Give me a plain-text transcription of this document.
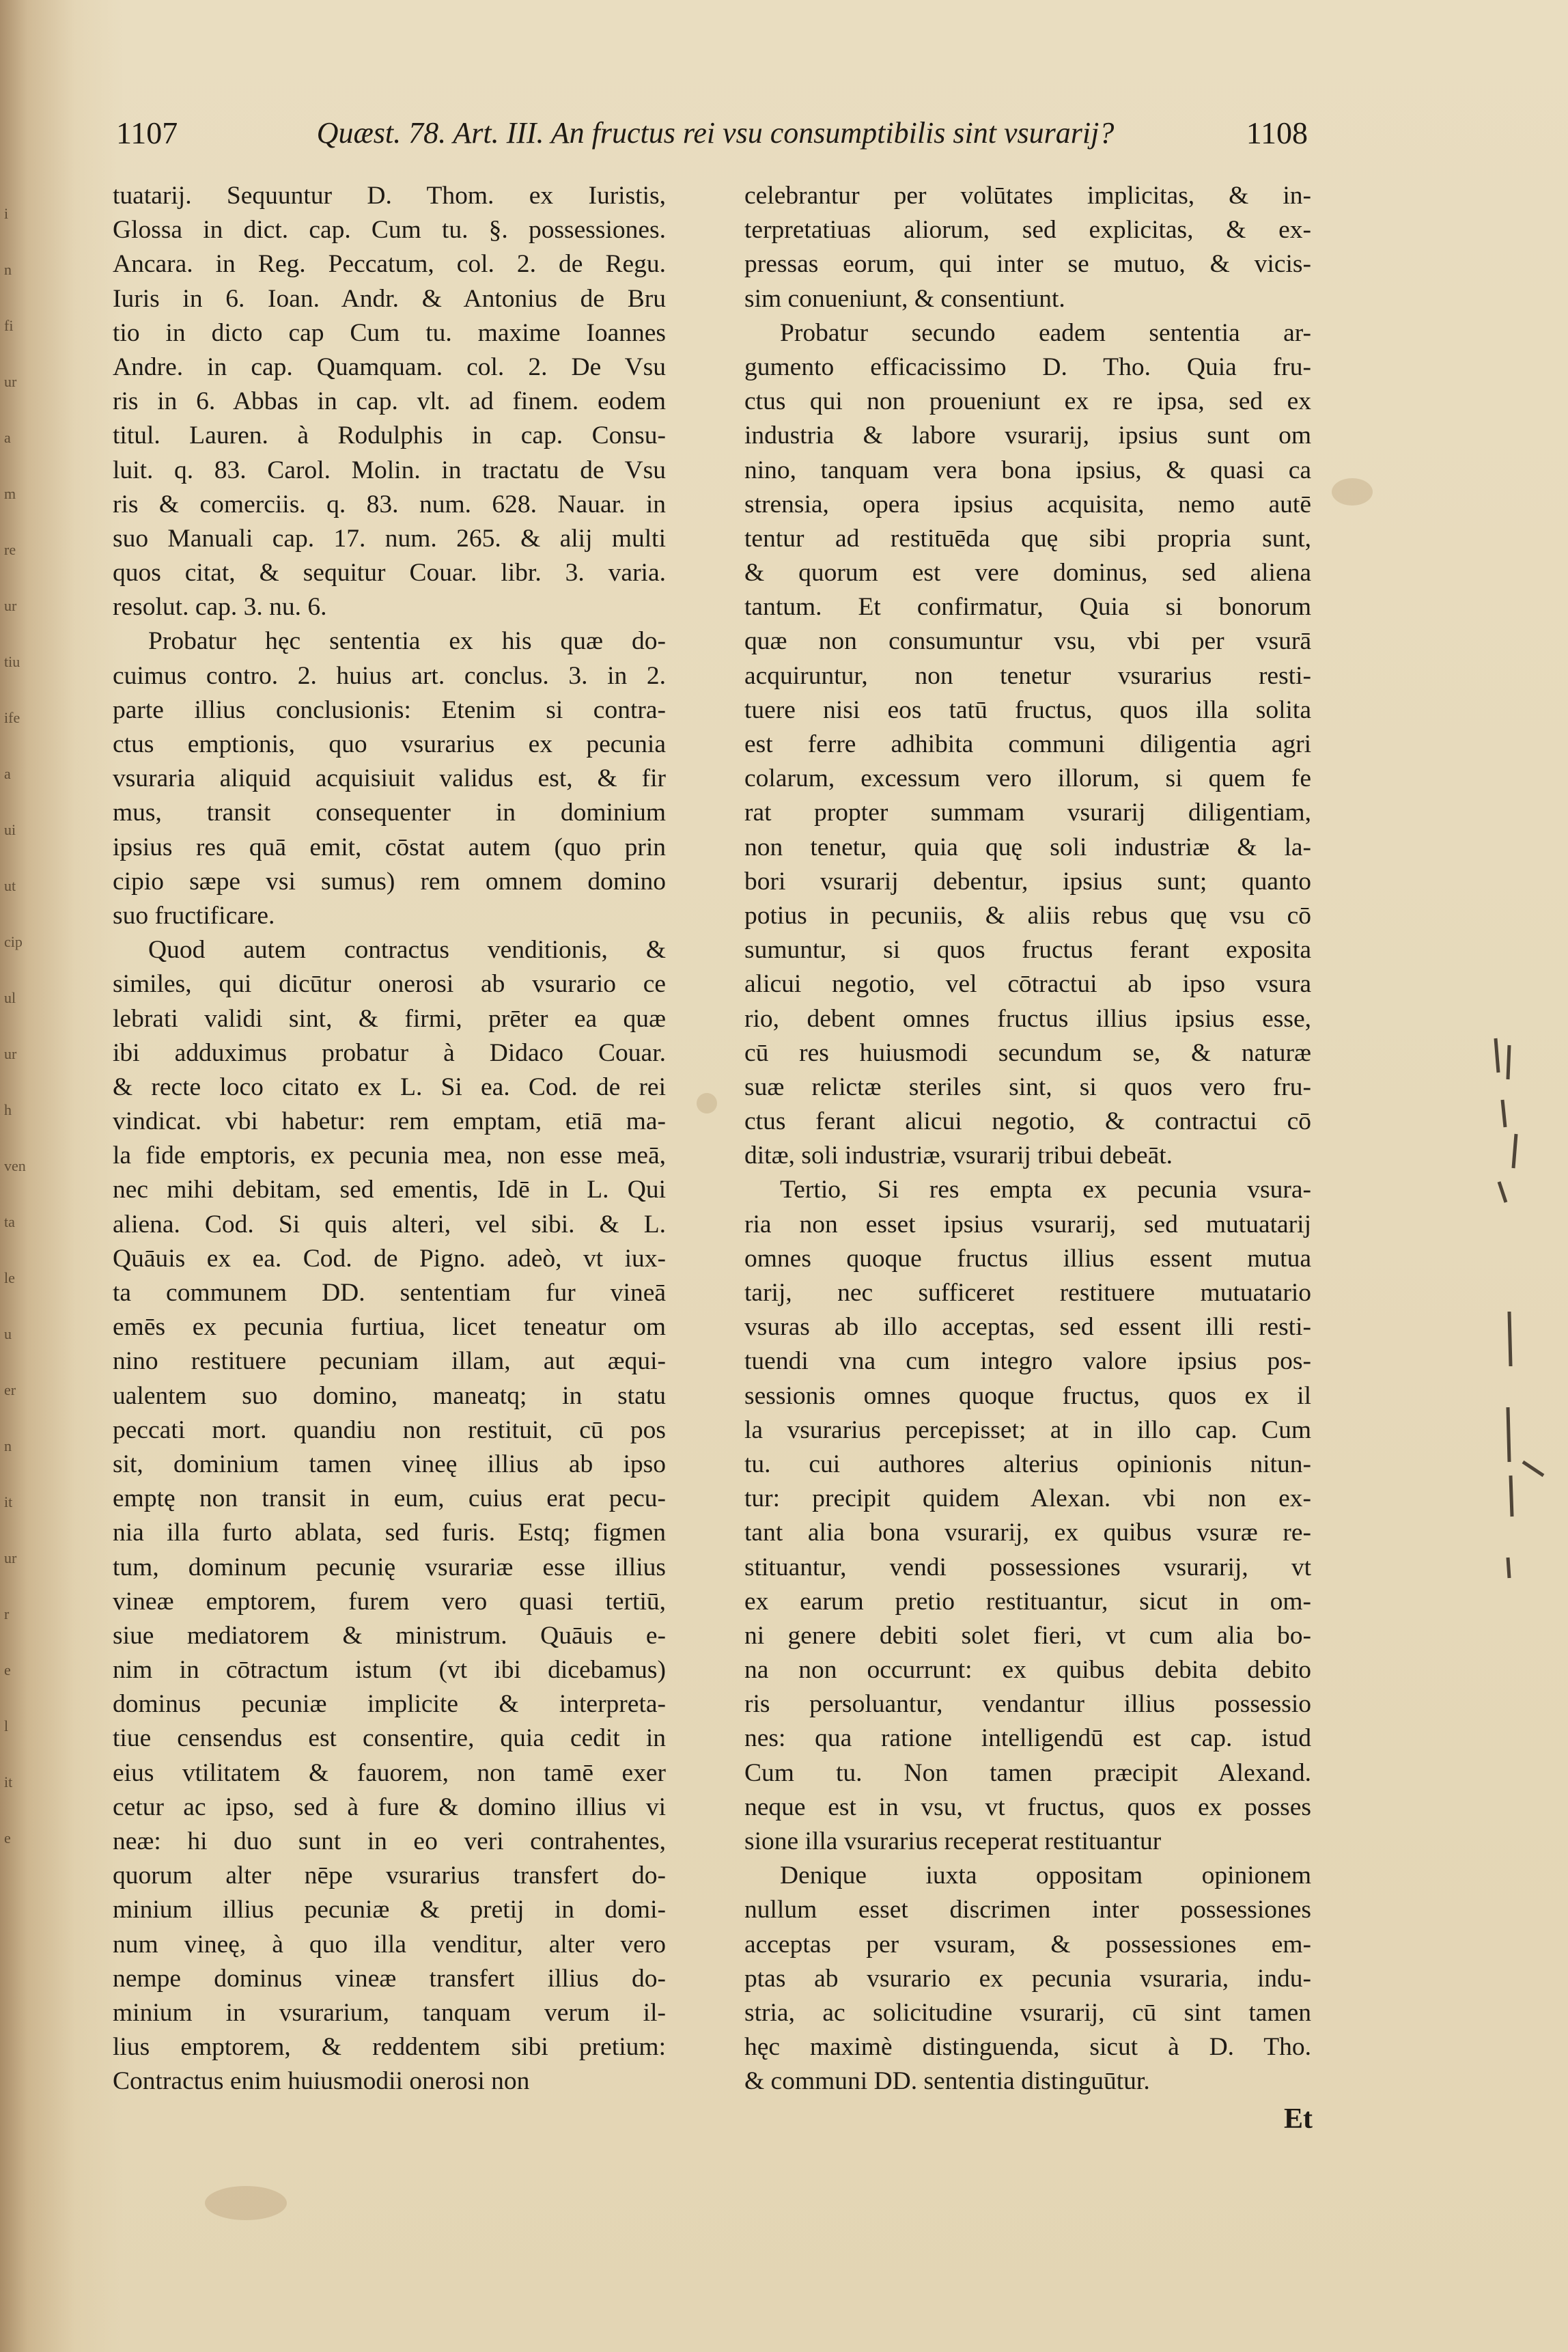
1107	Quæst. 78. Art. III. An fructus rei vsu consumptibilis sint vsurarij?	1108
tuatarij. Sequuntur D. Thom. ex Iuristis,
Glossa in dict. cap. Cum tu. §. possessiones.
Ancara. in Reg. Peccatum, col. 2. de Regu.
Iuris in 6. Ioan. Andr. & Antonius de Bru
tio in dicto cap Cum tu. maxime Ioannes
Andre. in cap. Quamquam. col. 2. De Vsu
ris in 6. Abbas in cap. vlt. ad finem. eodem
titul. Lauren. à Rodulphis in cap. Consu-
luit. q. 83. Carol. Molin. in tractatu de Vsu
ris & comerciis. q. 83. num. 628. Nauar. in
suo Manuali cap. 17. num. 265. & alij multi
quos citat, & sequitur Couar. libr. 3. varia.
resolut. cap. 3. nu. 6.
Probatur hęc sententia ex his quæ do-
cuimus contro. 2. huius art. conclus. 3. in 2.
parte illius conclusionis: Etenim si contra-
ctus emptionis, quo vsurarius ex pecunia
vsuraria aliquid acquisiuit validus est, & fir
mus, transit consequenter in dominium
ipsius res quā emit, cōstat autem (quo prin
cipio sæpe vsi sumus) rem omnem domino
suo fructificare.
Quod autem contractus venditionis, &
similes, qui dicūtur onerosi ab vsurario ce
lebrati validi sint, & firmi, prēter ea quæ
ibi adduximus probatur à Didaco Couar.
& recte loco citato ex L. Si ea. Cod. de rei
vindicat. vbi habetur: rem emptam, etiā ma-
la fide emptoris, ex pecunia mea, non esse meā,
nec mihi debitam, sed ementis, Idē in L. Qui
aliena. Cod. Si quis alteri, vel sibi. & L.
Quāuis ex ea. Cod. de Pigno. adeò, vt iux-
ta communem DD. sententiam fur vineā
emēs ex pecunia furtiua, licet teneatur om
nino restituere pecuniam illam, aut æqui-
ualentem suo domino, maneatq; in statu
peccati mort. quandiu non restituit, cū pos
sit, dominium tamen vineę illius ab ipso
emptę non transit in eum, cuius erat pecu-
nia illa furto ablata, sed furis. Estq; figmen
tum, dominum pecunię vsurariæ esse illius
vineæ emptorem, furem vero quasi tertiū,
siue mediatorem & ministrum. Quāuis e-
nim in cōtractum istum (vt ibi dicebamus)
dominus pecuniæ implicite & interpreta-
tiue censendus est consentire, quia cedit in
eius vtilitatem & fauorem, non tamē exer
cetur ac ipso, sed à fure & domino illius vi
neæ: hi duo sunt in eo veri contrahentes,
quorum alter nēpe vsurarius transfert do-
minium illius pecuniæ & pretij in domi-
num vineę, à quo illa venditur, alter vero
nempe dominus vineæ transfert illius do-
minium in vsurarium, tanquam verum il-
lius emptorem, & reddentem sibi pretium:
Contractus enim huiusmodii onerosi non
celebrantur per volūtates implicitas, & in-
terpretatiuas aliorum, sed explicitas, & ex-
pressas eorum, qui inter se mutuo, & vicis-
sim conueniunt, & consentiunt.
Probatur secundo eadem sententia ar-
gumento efficacissimo D. Tho. Quia fru-
ctus qui non proueniunt ex re ipsa, sed ex
industria & labore vsurarij, ipsius sunt om
nino, tanquam vera bona ipsius, & quasi ca
strensia, opera ipsius acquisita, nemo autē
tentur ad restituēda quę sibi propria sunt,
& quorum est vere dominus, sed aliena
tantum. Et confirmatur, Quia si bonorum
quæ non consumuntur vsu, vbi per vsurā
acquiruntur, non tenetur vsurarius resti-
tuere nisi eos tatū fructus, quos illa solita
est ferre adhibita communi diligentia agri
colarum, excessum vero illorum, si quem fe
rat propter summam vsurarij diligentiam,
non tenetur, quia quę soli industriæ & la-
bori vsurarij debentur, ipsius sunt; quanto
potius in pecuniis, & aliis rebus quę vsu cō
sumuntur, si quos fructus ferant exposita
alicui negotio, vel cōtractui ab ipso vsura
rio, debent omnes fructus illius ipsius esse,
cū res huiusmodi secundum se, & naturæ
suæ relictæ steriles sint, si quos vero fru-
ctus ferant alicui negotio, & contractui cō
ditæ, soli industriæ, vsurarij tribui debeāt.
Tertio, Si res empta ex pecunia vsura-
ria non esset ipsius vsurarij, sed mutuatarij
omnes quoque fructus illius essent mutua
tarij, nec sufficeret restituere mutuatario
vsuras ab illo acceptas, sed essent illi resti-
tuendi vna cum integro valore ipsius pos-
sessionis omnes quoque fructus, quos ex il
la vsurarius percepisset; at in illo cap. Cum
tu. cui authores alterius opinionis nitun-
tur: precipit quidem Alexan. vbi non ex-
tant alia bona vsurarij, ex quibus vsuræ re-
stituantur, vendi possessiones vsurarij, vt
ex earum pretio restituantur, sicut in om-
ni genere debiti solet fieri, vt cum alia bo-
na non occurrunt: ex quibus debita debito
ris persoluantur, vendantur illius possessio
nes: qua ratione intelligendū est cap. istud
Cum tu. Non tamen præcipit Alexand.
neque est in vsu, vt fructus, quos ex posses
sione illa vsurarius receperat restituantur
Denique iuxta oppositam opinionem
nullum esset discrimen inter possessiones
acceptas per vsuram, & possessiones em-
ptas ab vsurario ex pecunia vsuraria, indu-
stria, ac solicitudine vsurarij, cū sint tamen
hęc maximè distinguenda, sicut à D. Tho.
& communi DD. sententia distinguūtur.
Et
i
n
fi
ur
a
m
re
ur
tiu
ife
a
ui
ut
cip
ul
ur
h
ven
ta
le
u
er
n
it
ur
r
e
l
it
e
